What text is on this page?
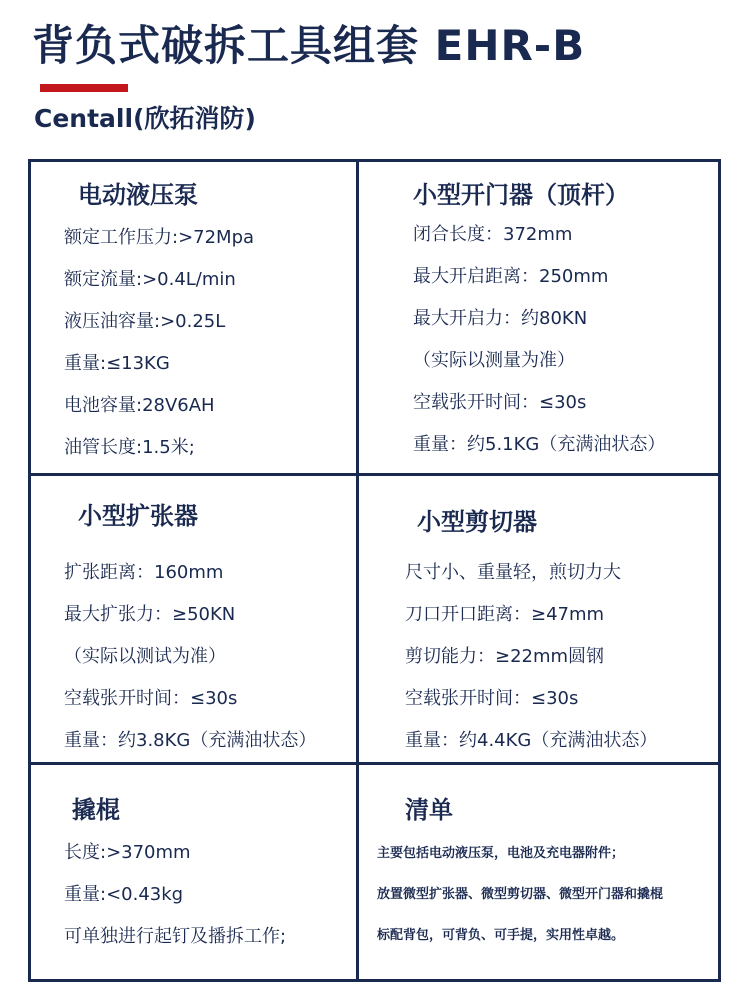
背负式破拆工具组套 EHR-B
Centall(欣拓消防)
电动液压泵
额定工作压力:>72Mpa
额定流量:>0.4L/min
液压油容量:>0.25L
重量:≤13KG
电池容量:28V6AH
油管长度:1.5米;
小型开门器（顶杆）
闭合长度：372mm
最大开启距离：250mm
最大开启力：约80KN
（实际以测量为准）
空载张开时间：≤30s
重量：约5.1KG（充满油状态）
小型扩张器
扩张距离：160mm
最大扩张力：≥50KN
（实际以测试为准）
空载张开时间：≤30s
重量：约3.8KG（充满油状态）
小型剪切器
尺寸小、重量轻，煎切力大
刀口开口距离：≥47mm
剪切能力：≥22mm圆钢
空载张开时间：≤30s
重量：约4.4KG（充满油状态）
撬棍
长度:>370mm
重量:<0.43kg
可单独进行起钉及播拆工作;
清单
主要包括电动液压泵，电池及充电器附件；
放置微型扩张器、微型剪切器、微型开门器和撬棍
标配背包，可背负、可手提，实用性卓越。
